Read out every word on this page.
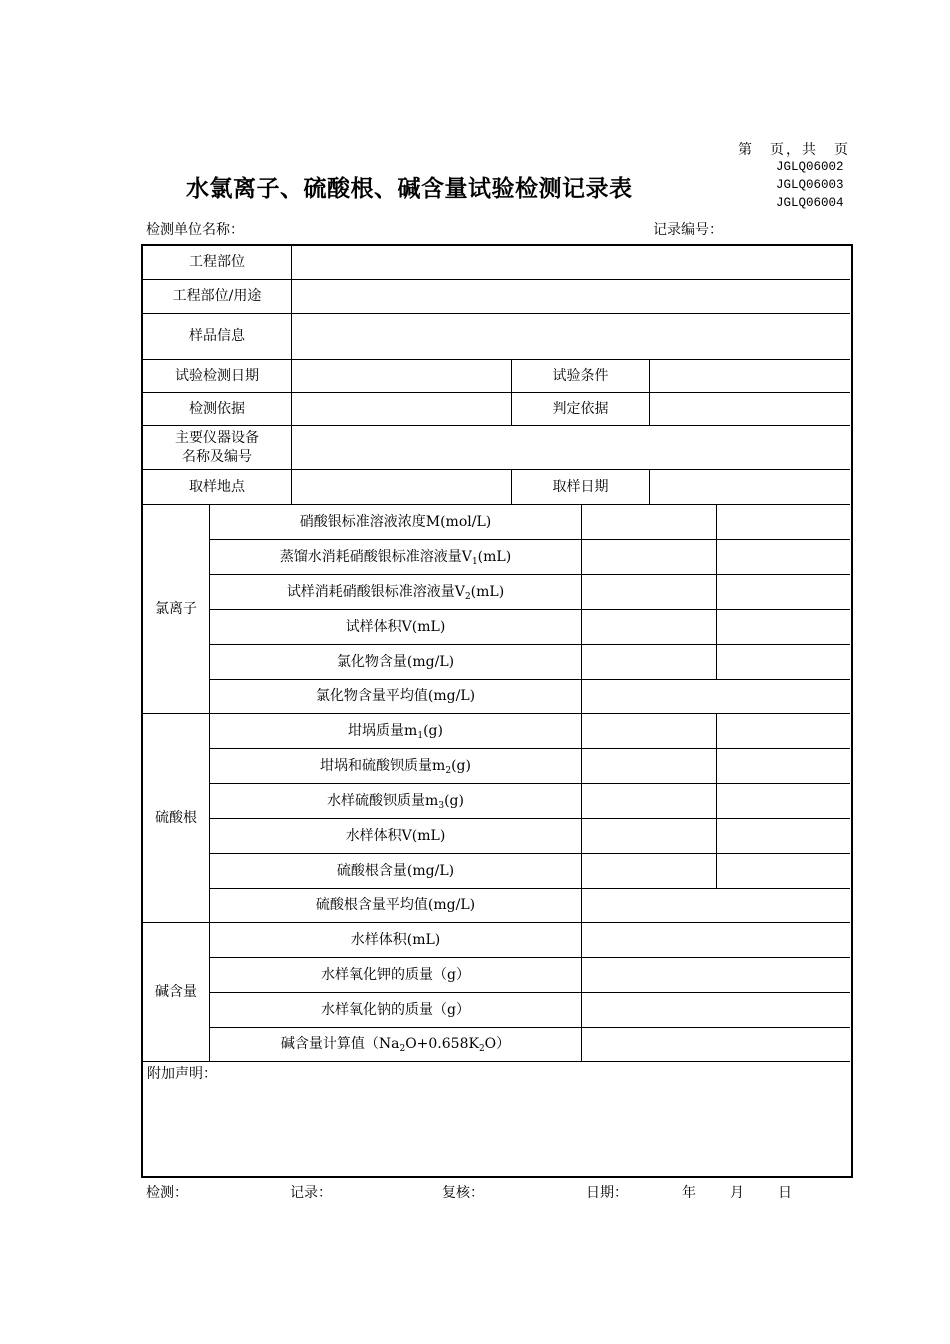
第　页，共　页
JGLQ06002
JGLQ06003
JGLQ06004
水氯离子、硫酸根、碱含量试验检测记录表
检测单位名称：	记录编号：
工程部位
工程部位/用途
样品信息
试验检测日期	试验条件
检测依据	判定依据
主要仪器设备
名称及编号
取样地点	取样日期
氯离子
硝酸银标准溶液浓度M(mol/L)
蒸馏水消耗硝酸银标准溶液量$V_1(mL)$
试样消耗硝酸银标准溶液量$V_2(mL)$
试样体积V(mL)
氯化物含量(mg/L)
氯化物含量平均值(mg/L)
硫酸根
坩埚质量$m_1(g)$
坩埚和硫酸钡质量$m_2(g)$
水样硫酸钡质量$m_3(g)$
水样体积V(mL)
硫酸根含量(mg/L)
硫酸根含量平均值(mg/L)
碱含量
水样体积(mL)
水样氧化钾的质量（g）
水样氧化钠的质量（g）
碱含量计算值$(Na_2O+0.658K_2O)$
附加声明：
检测：	记录：	复核：	日期：	年 月 日
